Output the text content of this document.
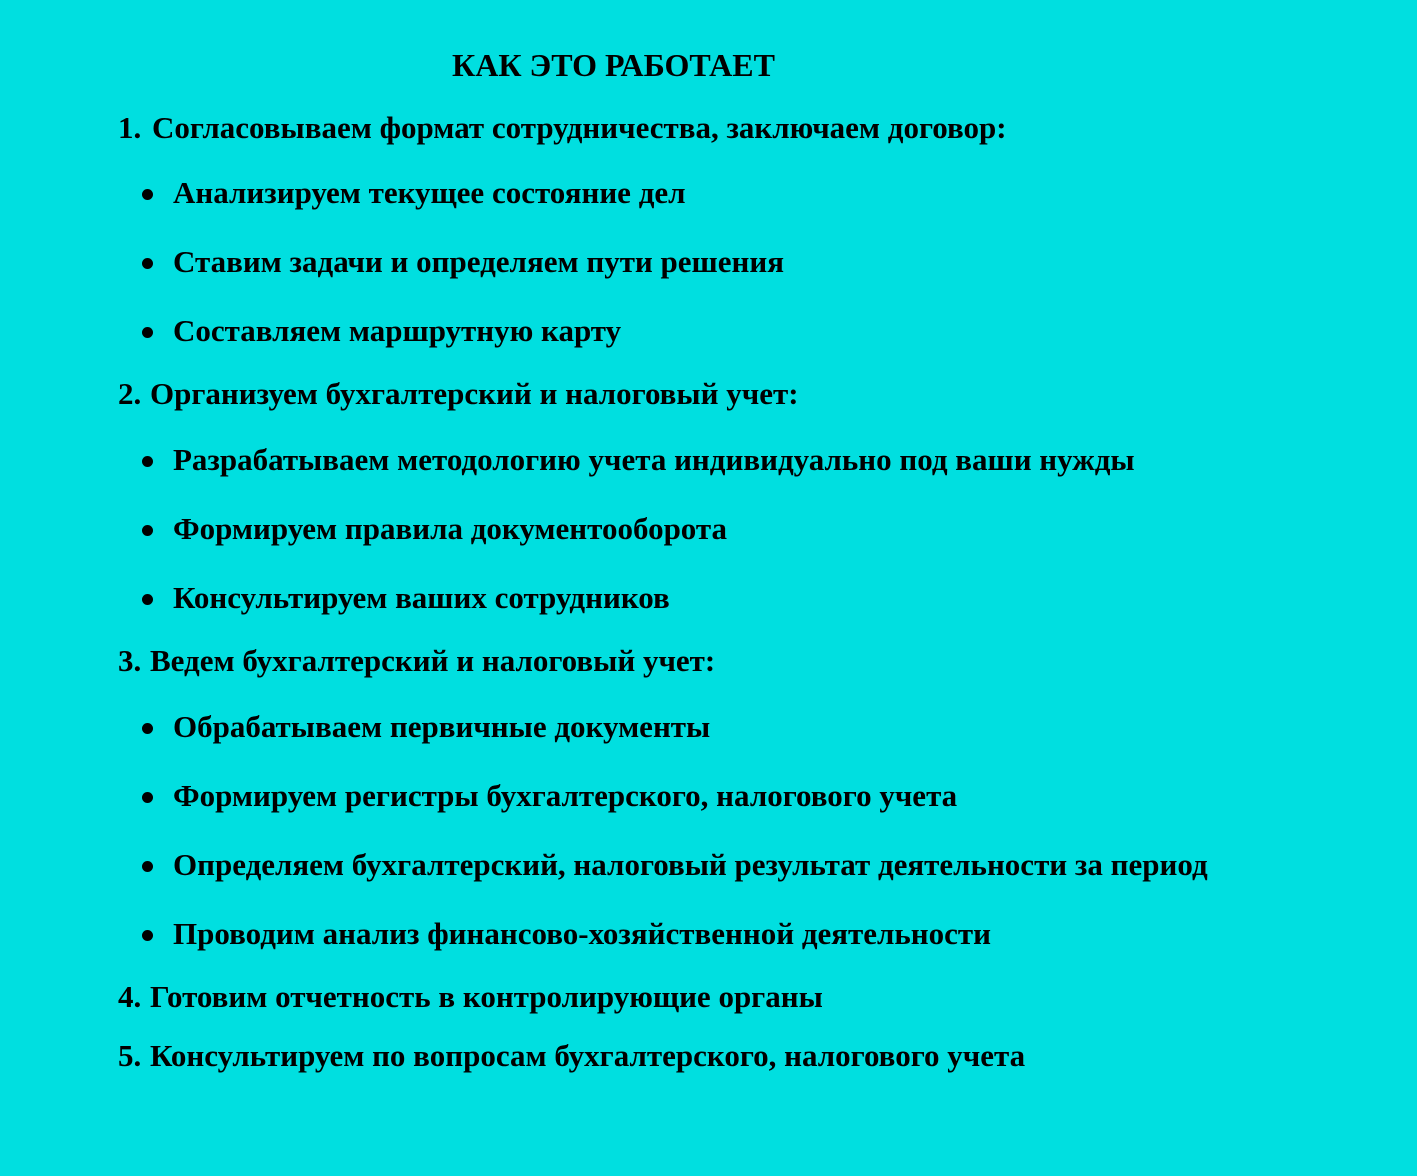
КАК ЭТО РАБОТАЕТ
1. Согласовываем формат сотрудничества, заключаем договор:
Анализируем текущее состояние дел
Ставим задачи и определяем пути решения
Составляем маршрутную карту
2. Организуем бухгалтерский и налоговый учет:
Разрабатываем методологию учета индивидуально под ваши нужды
Формируем правила документооборота
Консультируем ваших сотрудников
3. Ведем бухгалтерский и налоговый учет:
Обрабатываем первичные документы
Формируем регистры бухгалтерского, налогового учета
Определяем бухгалтерский, налоговый результат деятельности за период
Проводим анализ финансово-хозяйственной деятельности
4. Готовим отчетность в контролирующие органы
5. Консультируем по вопросам бухгалтерского, налогового учета
